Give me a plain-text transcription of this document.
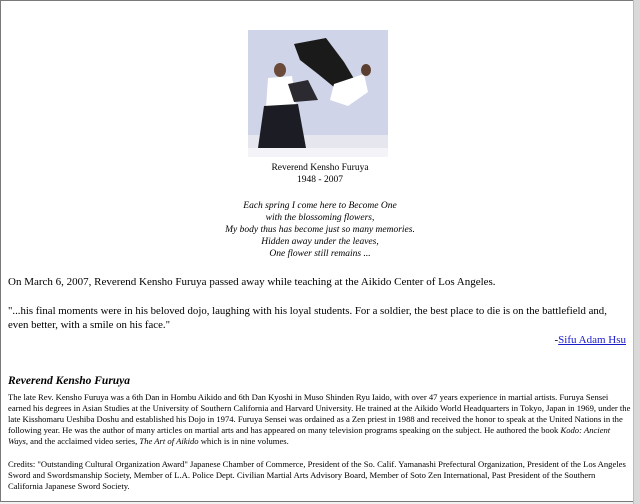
Reverend Kensho Furuya
1948 - 2007
Each spring I come here to Become One
with the blossoming flowers,
My body thus has become just so many memories.
Hidden away under the leaves,
One flower still remains ...
On March 6, 2007, Reverend Kensho Furuya passed away while teaching at the Aikido Center of Los Angeles.
"...his final moments were in his beloved dojo, laughing with his loyal students. For a soldier, the best place to die is on the battlefield and, even better, with a smile on his face."
-Sifu Adam Hsu
Reverend Kensho Furuya
The late Rev. Kensho Furuya was a 6th Dan in Hombu Aikido and 6th Dan Kyoshi in Muso Shinden Ryu Iaido, with over 47 years experience in martial artists. Furuya Sensei earned his degrees in Asian Studies at the University of Southern California and Harvard University. He trained at the Aikido World Headquarters in Tokyo, Japan in 1969, under the late Kisshomaru Ueshiba Doshu and established his Dojo in 1974. Furuya Sensei was ordained as a Zen priest in 1988 and received the honor to speak at the United Nations in the following year. He was the author of many articles on martial arts and has appeared on many television programs speaking on the subject. He authored the book Kodo: Ancient Ways, and the acclaimed video series, The Art of Aikido which is in nine volumes.
Credits: "Outstanding Cultural Organization Award" Japanese Chamber of Commerce, President of the So. Calif. Yamanashi Prefectural Organization, President of the Los Angeles Sword and Swordsmanship Society, Member of L.A. Police Dept. Civilian Martial Arts Advisory Board, Member of Soto Zen International, Past President of the Southern California Japanese Sword Society.
